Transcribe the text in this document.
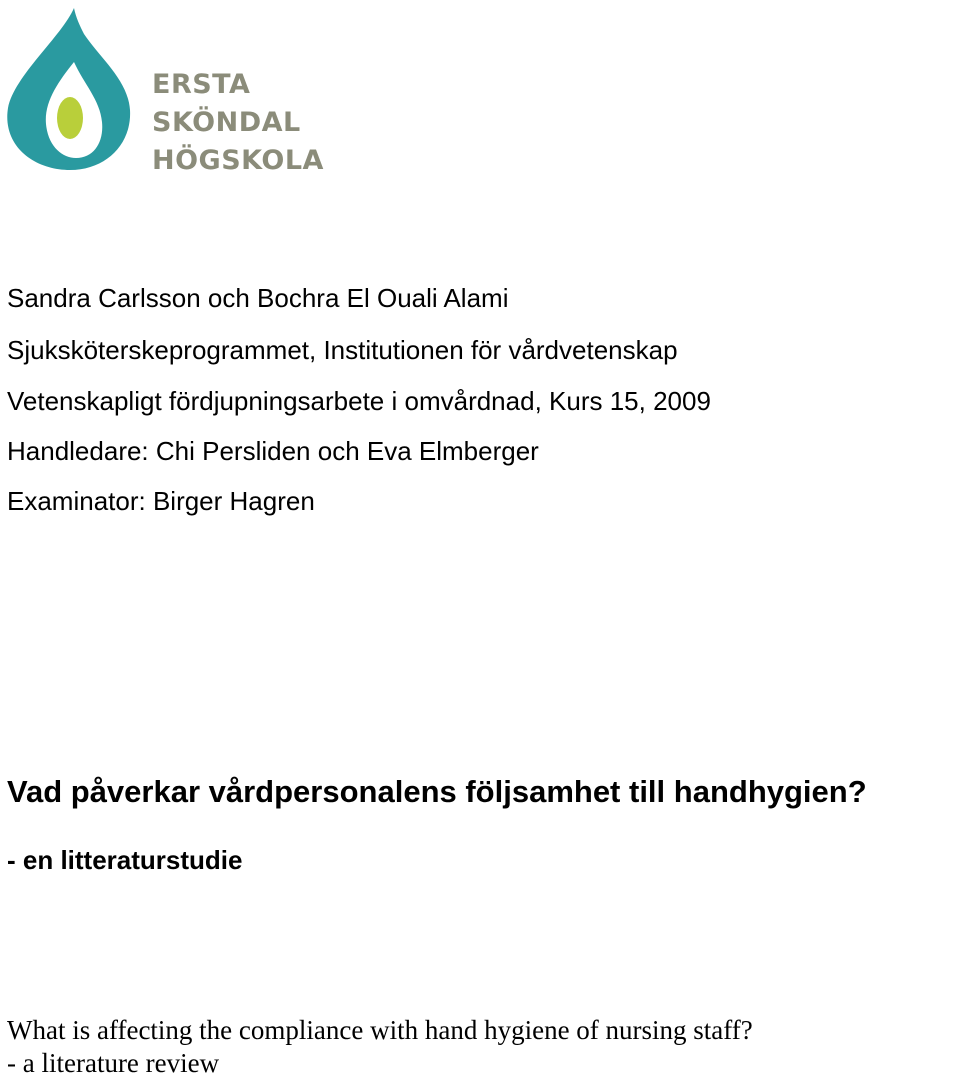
ERSTA
SKÖNDAL
HÖGSKOLA
Sandra Carlsson och Bochra El Ouali Alami
Sjuksköterskeprogrammet, Institutionen för vårdvetenskap
Vetenskapligt fördjupningsarbete i omvårdnad, Kurs 15, 2009
Handledare: Chi Persliden och Eva Elmberger
Examinator: Birger Hagren
Vad påverkar vårdpersonalens följsamhet till handhygien?
- en litteraturstudie
What is affecting the compliance with hand hygiene of nursing staff?
- a literature review
